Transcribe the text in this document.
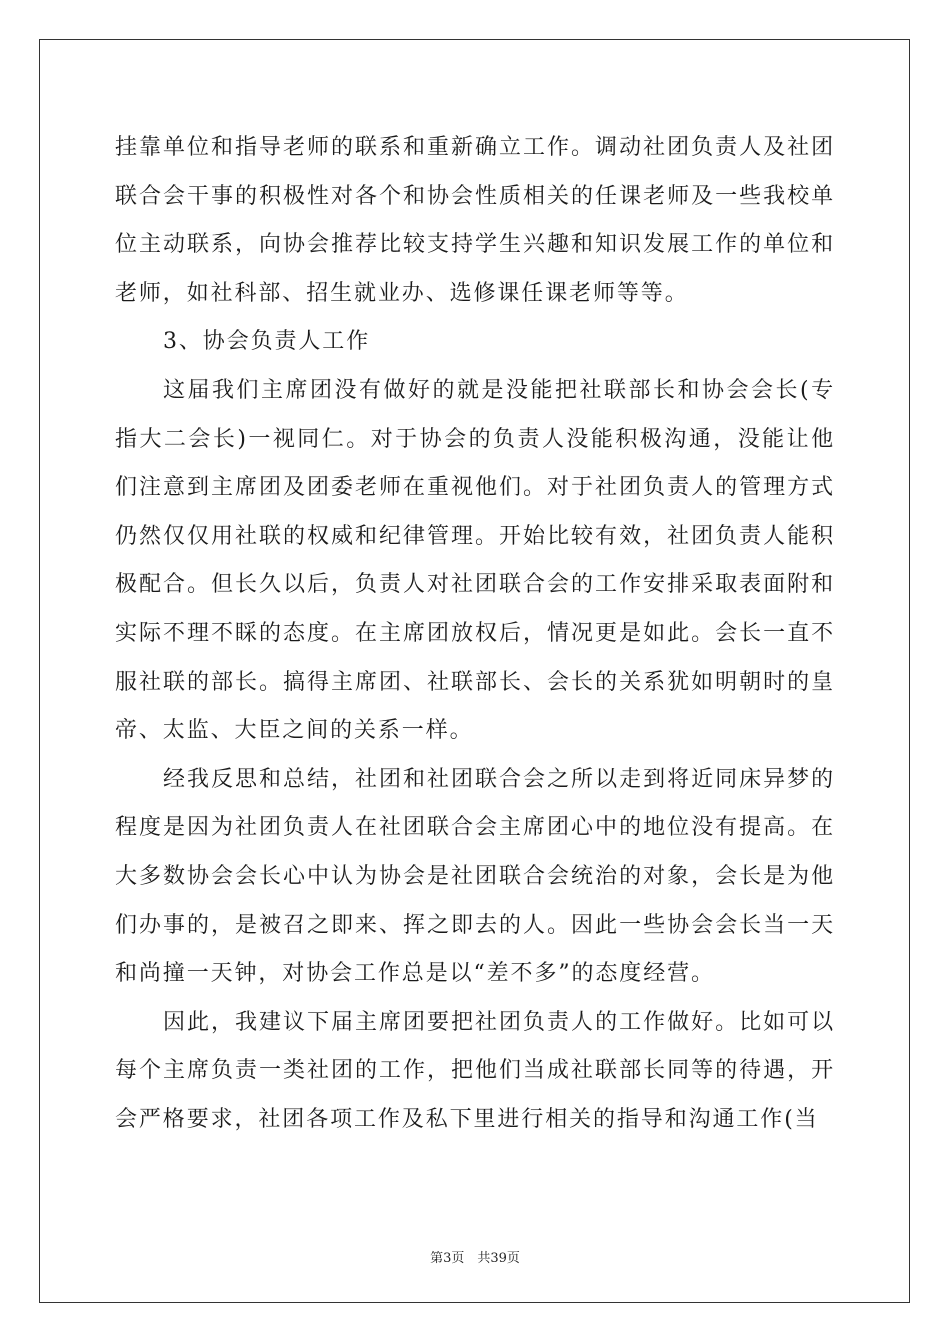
挂靠单位和指导老师的联系和重新确立工作。调动社团负责人及社团联合会干事的积极性对各个和协会性质相关的任课老师及一些我校单位主动联系，向协会推荐比较支持学生兴趣和知识发展工作的单位和老师，如社科部、招生就业办、选修课任课老师等等。

3、协会负责人工作

这届我们主席团没有做好的就是没能把社联部长和协会会长(专指大二会长)一视同仁。对于协会的负责人没能积极沟通，没能让他们注意到主席团及团委老师在重视他们。对于社团负责人的管理方式仍然仅仅用社联的权威和纪律管理。开始比较有效，社团负责人能积极配合。但长久以后，负责人对社团联合会的工作安排采取表面附和实际不理不睬的态度。在主席团放权后，情况更是如此。会长一直不服社联的部长。搞得主席团、社联部长、会长的关系犹如明朝时的皇帝、太监、大臣之间的关系一样。

经我反思和总结，社团和社团联合会之所以走到将近同床异梦的程度是因为社团负责人在社团联合会主席团心中的地位没有提高。在大多数协会会长心中认为协会是社团联合会统治的对象，会长是为他们办事的，是被召之即来、挥之即去的人。因此一些协会会长当一天和尚撞一天钟，对协会工作总是以“差不多”的态度经营。

因此，我建议下届主席团要把社团负责人的工作做好。比如可以每个主席负责一类社团的工作，把他们当成社联部长同等的待遇，开会严格要求，社团各项工作及私下里进行相关的指导和沟通工作(当

第3页　共39页
